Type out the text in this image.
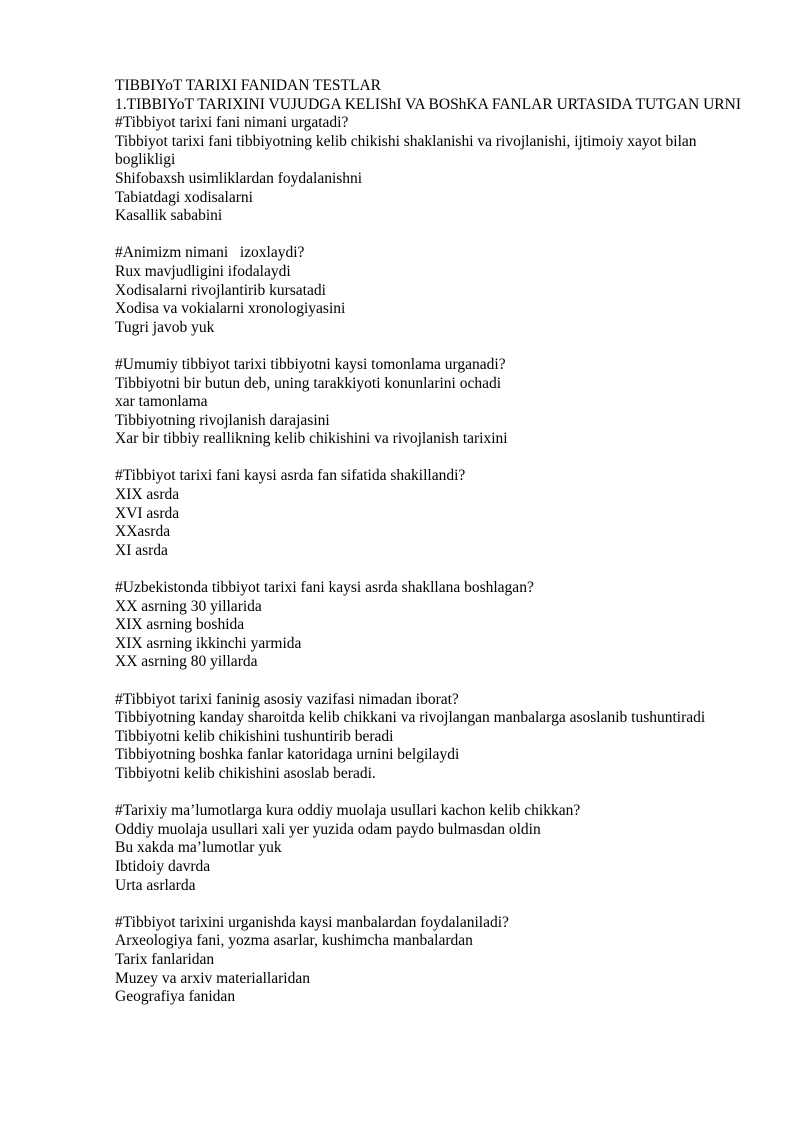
TIBBIYoT TARIXI FANIDAN TESTLAR
1.TIBBIYoT TARIXINI VUJUDGA KELIShI VA BOShKA FANLAR URTASIDA TUTGAN URNI
#Tibbiyot tarixi fani nimani urgatadi?
Tibbiyot tarixi fani tibbiyotning kelib chikishi shaklanishi va rivojlanishi, ijtimoiy xayot bilan boglikligi
Shifobaxsh usimliklardan foydalanishni
Tabiatdagi xodisalarni
Kasallik sababini
#Animizm nimani   izoxlaydi?
Rux mavjudligini ifodalaydi
Xodisalarni rivojlantirib kursatadi
Xodisa va vokialarni xronologiyasini
Tugri javob yuk
#Umumiy tibbiyot tarixi tibbiyotni kaysi tomonlama urganadi?
Tibbiyotni bir butun deb, uning tarakkiyoti konunlarini ochadi
xar tamonlama
Tibbiyotning rivojlanish darajasini
Xar bir tibbiy reallikning kelib chikishini va rivojlanish tarixini
#Tibbiyot tarixi fani kaysi asrda fan sifatida shakillandi?
XIX asrda
XVI asrda
XXasrda
XI asrda
#Uzbekistonda tibbiyot tarixi fani kaysi asrda shakllana boshlagan?
XX asrning 30 yillarida
XIX asrning boshida
XIX asrning ikkinchi yarmida
XX asrning 80 yillarda
#Tibbiyot tarixi faninig asosiy vazifasi nimadan iborat?
Tibbiyotning kanday sharoitda kelib chikkani va rivojlangan manbalarga asoslanib tushuntiradi
Tibbiyotni kelib chikishini tushuntirib beradi
Tibbiyotning boshka fanlar katoridaga urnini belgilaydi
Tibbiyotni kelib chikishini asoslab beradi.
#Tarixiy ma’lumotlarga kura oddiy muolaja usullari kachon kelib chikkan?
Oddiy muolaja usullari xali yer yuzida odam paydo bulmasdan oldin
Bu xakda ma’lumotlar yuk
Ibtidoiy davrda
Urta asrlarda
#Tibbiyot tarixini urganishda kaysi manbalardan foydalaniladi?
Arxeologiya fani, yozma asarlar, kushimcha manbalardan
Tarix fanlaridan
Muzey va arxiv materiallaridan
Geografiya fanidan
